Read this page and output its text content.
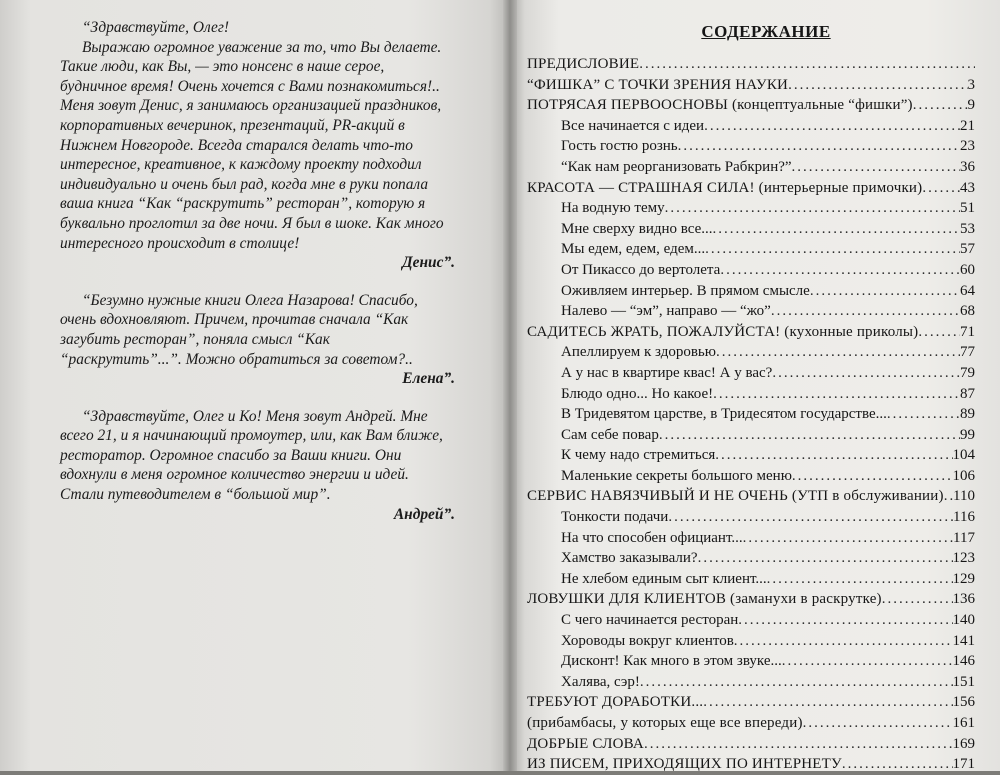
“Здравствуйте, Олег!

Выражаю огромное уважение за то, что Вы делаете. Такие люди, как Вы, — это нонсенс в наше серое, будничное время! Очень хочется с Вами познакомиться!.. Меня зовут Денис, я занимаюсь организацией праздников, корпоративных вечеринок, презентаций, PR-акций в Нижнем Новгороде. Всегда старался делать что-то интересное, креативное, к каждому проекту подходил индивидуально и очень был рад, когда мне в руки попала ваша книга “Как “раскрутить” ресторан”, которую я буквально проглотил за две ночи. Я был в шоке. Как много интересного происходит в столице!

Денис”.

“Безумно нужные книги Олега Назарова! Спасибо, очень вдохновляют. Причем, прочитав сначала “Как загубить ресторан”, поняла смысл “Как “раскрутить”...”. Можно обратиться за советом?..

Елена”.

“Здравствуйте, Олег и Ко! Меня зовут Андрей. Мне всего 21, и я начинающий промоутер, или, как Вам ближе, ресторатор. Огромное спасибо за Ваши книги. Они вдохнули в меня огромное количество энергии и идей. Стали путеводителем в “большой мир”.

Андрей”.

СОДЕРЖАНИЕ
ПРЕДИСЛОВИЕ
.....
“ФИШКА” С ТОЧКИ ЗРЕНИЯ НАУКИ .....	3
ПОТРЯСАЯ ПЕРВООСНОВЫ (концептуальные “фишки”) .....	9
Все начинается с идеи .....	21
Гость гостю рознь .....	23
“Как нам реорганизовать Рабкрин?” .....	36
КРАСОТА — СТРАШНАЯ СИЛА! (интерьерные примочки) .....	43
На водную тему .....	51
Мне сверху видно все... .....	53
Мы едем, едем, едем... .....	57
От Пикассо до вертолета .....	60
Оживляем интерьер. В прямом смысле .....	64
Налево — “эм”, направо — “жо” .....	68
САДИТЕСЬ ЖРАТЬ, ПОЖАЛУЙСТА! (кухонные приколы) .....	71
Апеллируем к здоровью .....	77
А у нас в квартире квас! А у вас? .....	79
Блюдо одно... Но какое! .....	87
В Тридевятом царстве, в Тридесятом государстве... .....	89
Сам себе повар .....	99
К чему надо стремиться .....	104
Маленькие секреты большого меню .....	106
СЕРВИС НАВЯЗЧИВЫЙ И НЕ ОЧЕНЬ (УТП в обслуживании) ..... 110
Тонкости подачи .....	116
На что способен официант... .....	117
Хамство заказывали? .....	123
Не хлебом единым сыт клиент... .....	129
ЛОВУШКИ ДЛЯ КЛИЕНТОВ (заманухи в раскрутке) .....	136
С чего начинается ресторан .....	140
Хороводы вокруг клиентов .....	141
Дисконт! Как много в этом звуке... .....	146
Халява, сэр! .....	151
ТРЕБУЮТ ДОРАБОТКИ... .....	156
(прибамбасы, у которых еще все впереди) .....	161
ДОБРЫЕ СЛОВА .....	169
ИЗ ПИСЕМ, ПРИХОДЯЩИХ ПО ИНТЕРНЕТУ .....	171
